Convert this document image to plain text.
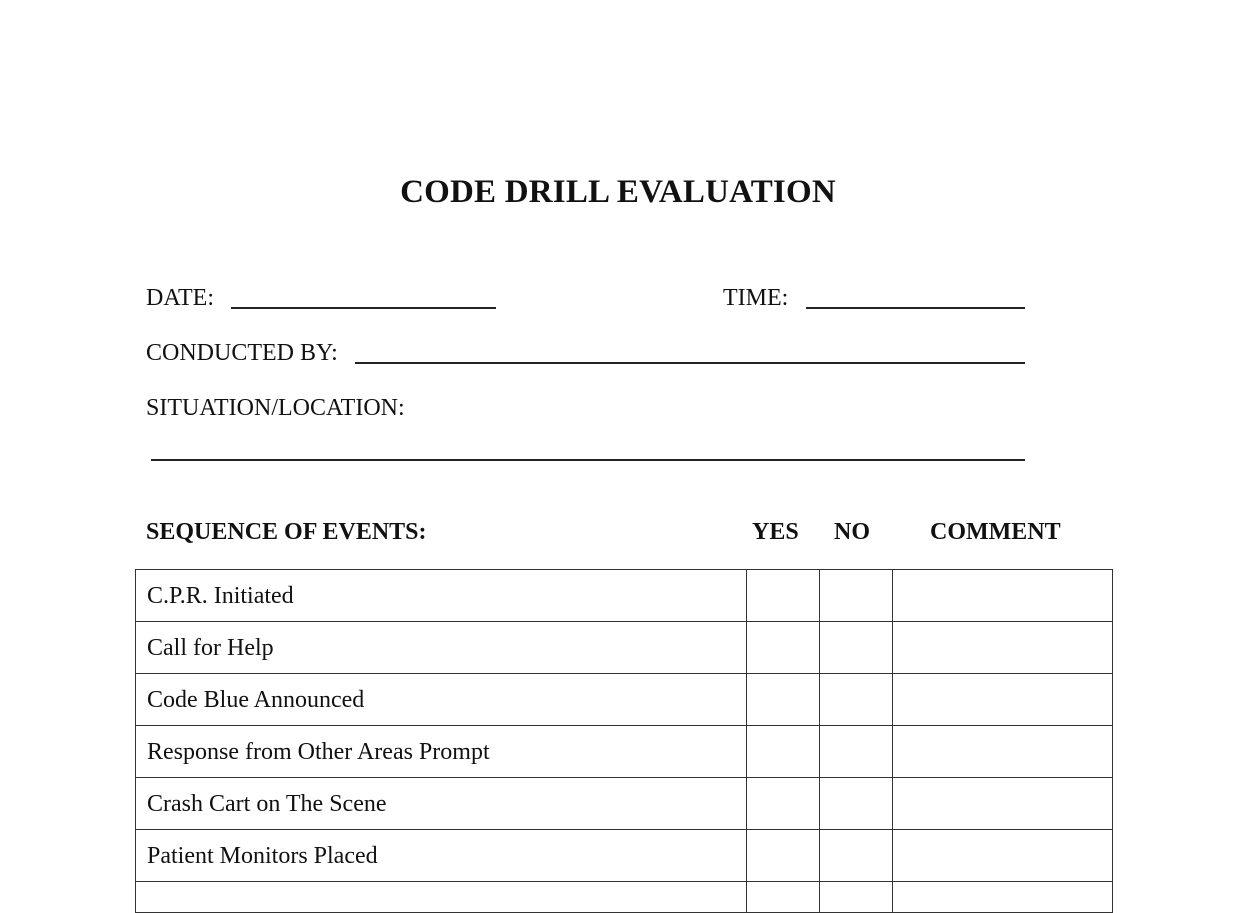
CODE DRILL EVALUATION
DATE:	TIME:
CONDUCTED BY:
SITUATION/LOCATION:
SEQUENCE OF EVENTS:	YES NO	COMMENT
C.P.R. Initiated			
Call for Help			
Code Blue Announced			
Response from Other Areas Prompt			
Crash Cart on The Scene			
Patient Monitors Placed			
